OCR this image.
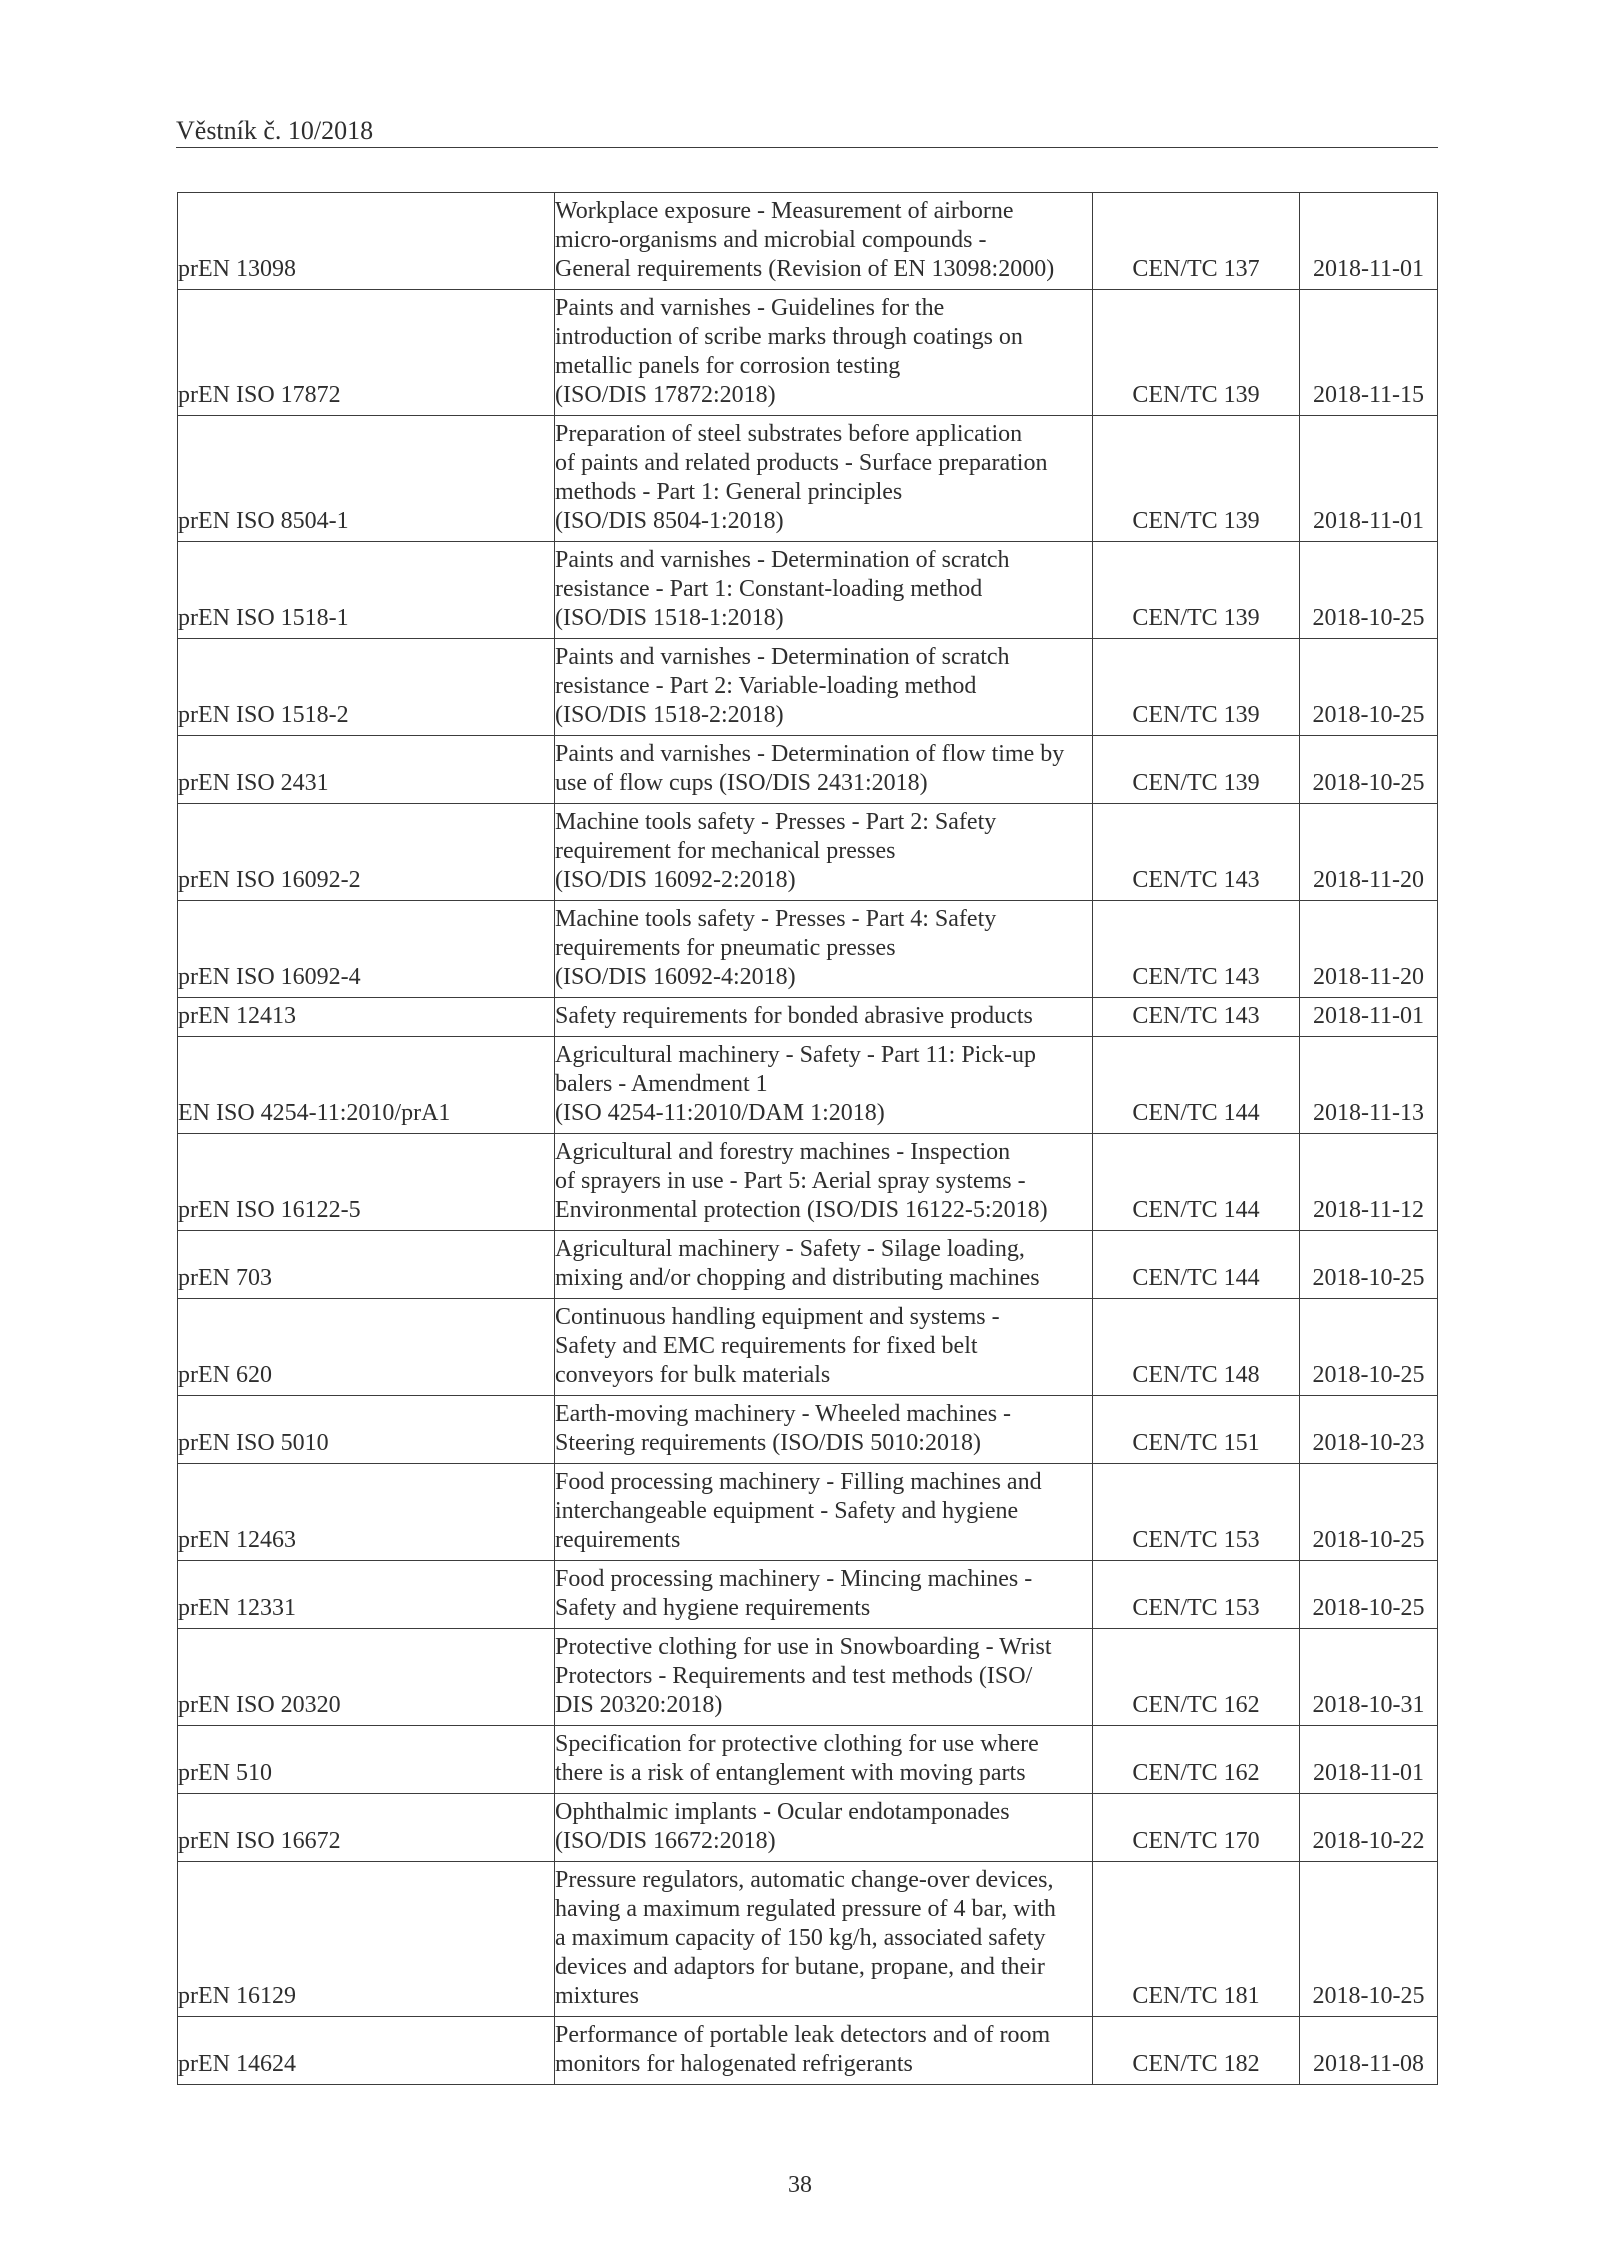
Věstník č. 10/2018
prEN 13098	Workplace exposure - Measurement of airborne
micro-organisms and microbial compounds -
General requirements (Revision of EN 13098:2000)	CEN/TC 137	2018-11-01
prEN ISO 17872	Paints and varnishes - Guidelines for the
introduction of scribe marks through coatings on
metallic panels for corrosion testing
(ISO/DIS 17872:2018)	CEN/TC 139	2018-11-15
prEN ISO 8504-1	Preparation of steel substrates before application
of paints and related products - Surface preparation
methods - Part 1: General principles
(ISO/DIS 8504-1:2018)	CEN/TC 139	2018-11-01
prEN ISO 1518-1	Paints and varnishes - Determination of scratch
resistance - Part 1: Constant-loading method
(ISO/DIS 1518-1:2018)	CEN/TC 139	2018-10-25
prEN ISO 1518-2	Paints and varnishes - Determination of scratch
resistance - Part 2: Variable-loading method
(ISO/DIS 1518-2:2018)	CEN/TC 139	2018-10-25
prEN ISO 2431	Paints and varnishes - Determination of flow time by
use of flow cups (ISO/DIS 2431:2018)	CEN/TC 139	2018-10-25
prEN ISO 16092-2	Machine tools safety - Presses - Part 2: Safety
requirement for mechanical presses
(ISO/DIS 16092-2:2018)	CEN/TC 143	2018-11-20
prEN ISO 16092-4	Machine tools safety - Presses - Part 4: Safety
requirements for pneumatic presses
(ISO/DIS 16092-4:2018)	CEN/TC 143	2018-11-20
prEN 12413	Safety requirements for bonded abrasive products	CEN/TC 143	2018-11-01
EN ISO 4254-11:2010/prA1	Agricultural machinery - Safety - Part 11: Pick-up
balers - Amendment 1
(ISO 4254-11:2010/DAM 1:2018)	CEN/TC 144	2018-11-13
prEN ISO 16122-5	Agricultural and forestry machines - Inspection
of sprayers in use - Part 5: Aerial spray systems -
Environmental protection (ISO/DIS 16122-5:2018)	CEN/TC 144	2018-11-12
prEN 703	Agricultural machinery - Safety - Silage loading,
mixing and/or chopping and distributing machines	CEN/TC 144	2018-10-25
prEN 620	Continuous handling equipment and systems -
Safety and EMC requirements for fixed belt
conveyors for bulk materials	CEN/TC 148	2018-10-25
prEN ISO 5010	Earth-moving machinery - Wheeled machines -
Steering requirements (ISO/DIS 5010:2018)	CEN/TC 151	2018-10-23
prEN 12463	Food processing machinery - Filling machines and
interchangeable equipment - Safety and hygiene
requirements	CEN/TC 153	2018-10-25
prEN 12331	Food processing machinery - Mincing machines -
Safety and hygiene requirements	CEN/TC 153	2018-10-25
prEN ISO 20320	Protective clothing for use in Snowboarding - Wrist
Protectors - Requirements and test methods (ISO/
DIS 20320:2018)	CEN/TC 162	2018-10-31
prEN 510	Specification for protective clothing for use where
there is a risk of entanglement with moving parts	CEN/TC 162	2018-11-01
prEN ISO 16672	Ophthalmic implants - Ocular endotamponades
(ISO/DIS 16672:2018)	CEN/TC 170	2018-10-22
prEN 16129	Pressure regulators, automatic change-over devices,
having a maximum regulated pressure of 4 bar, with
a maximum capacity of 150 kg/h, associated safety
devices and adaptors for butane, propane, and their
mixtures	CEN/TC 181	2018-10-25
prEN 14624	Performance of portable leak detectors and of room
monitors for halogenated refrigerants	CEN/TC 182	2018-11-08
38
